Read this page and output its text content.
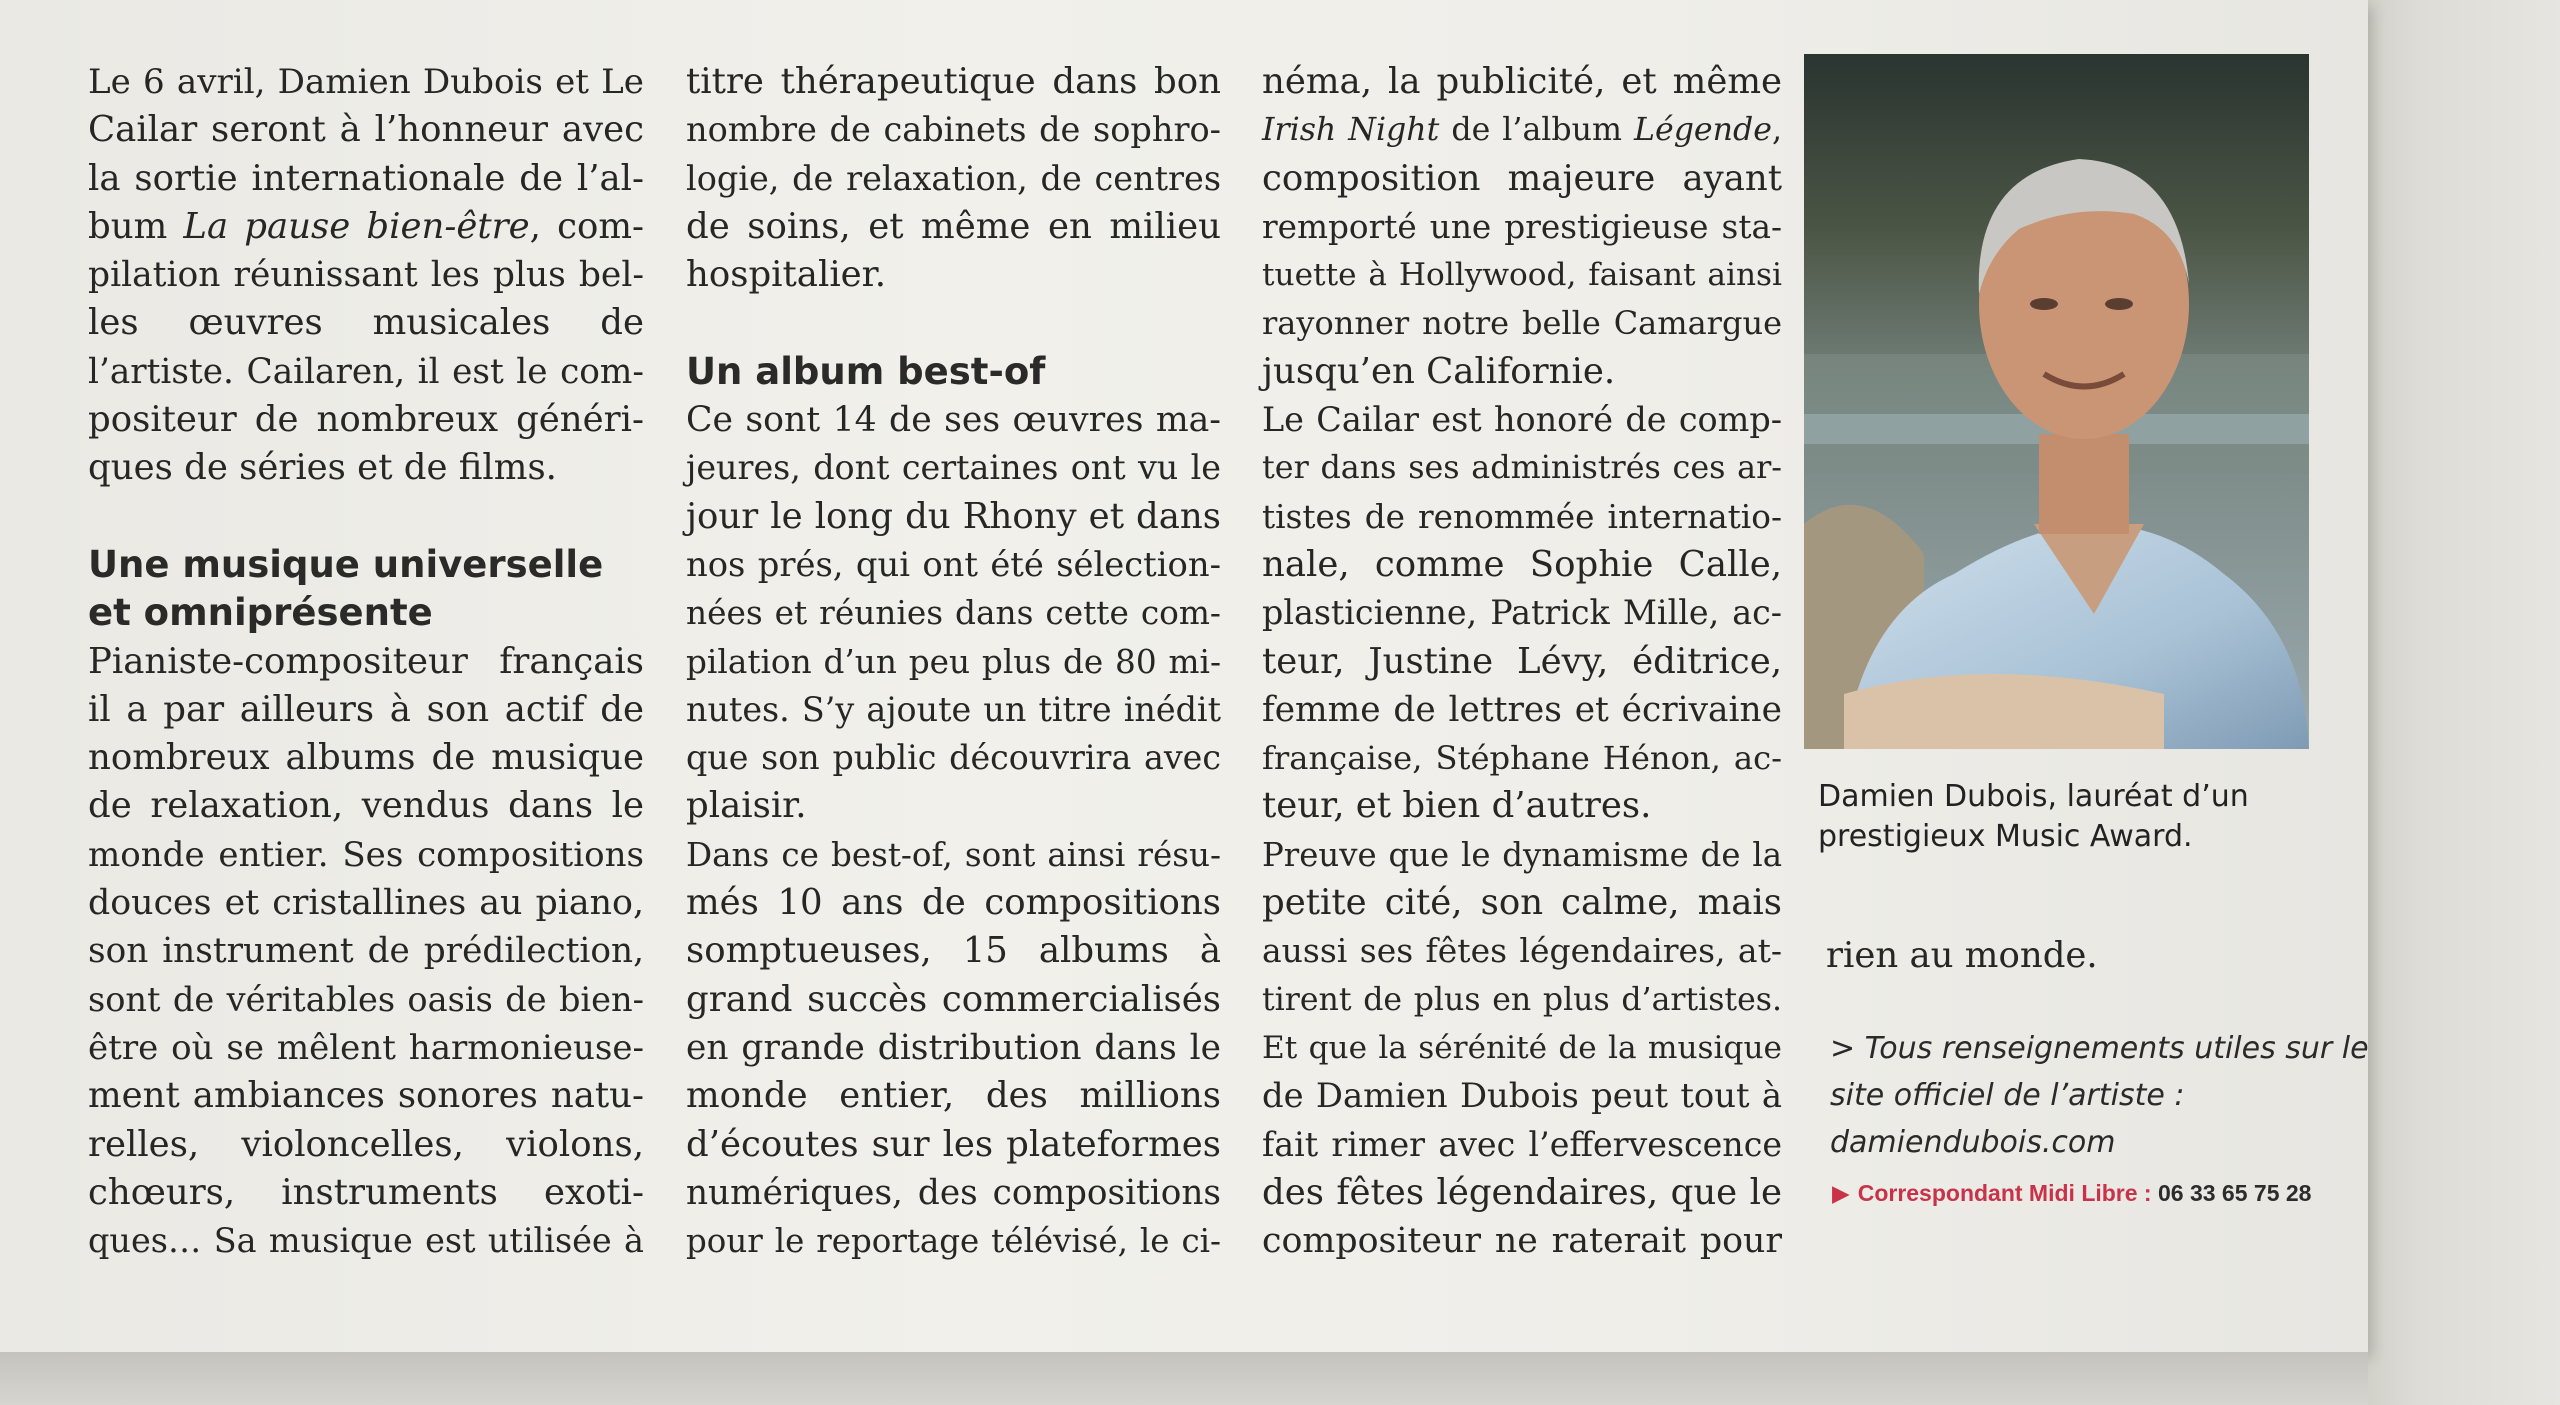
Le 6 avril, Damien Dubois et Le
Cailar seront à l’honneur avec
la sortie internationale de l’al-
bum La pause bien-être, com-
pilation réunissant les plus bel-
les œuvres musicales de
l’artiste. Cailaren, il est le com-
positeur de nombreux généri-
ques de séries et de films.
Une musique universelle
et omniprésente
Pianiste-compositeur français
il a par ailleurs à son actif de
nombreux albums de musique
de relaxation, vendus dans le
monde entier. Ses compositions
douces et cristallines au piano,
son instrument de prédilection,
sont de véritables oasis de bien-
être où se mêlent harmonieuse-
ment ambiances sonores natu-
relles, violoncelles, violons,
chœurs, instruments exoti-
ques… Sa musique est utilisée à
titre thérapeutique dans bon
nombre de cabinets de sophro-
logie, de relaxation, de centres
de soins, et même en milieu
hospitalier.
Un album best-of
Ce sont 14 de ses œuvres ma-
jeures, dont certaines ont vu le
jour le long du Rhony et dans
nos prés, qui ont été sélection-
nées et réunies dans cette com-
pilation d’un peu plus de 80 mi-
nutes. S’y ajoute un titre inédit
que son public découvrira avec
plaisir.
Dans ce best-of, sont ainsi résu-
més 10 ans de compositions
somptueuses, 15 albums à
grand succès commercialisés
en grande distribution dans le
monde entier, des millions
d’écoutes sur les plateformes
numériques, des compositions
pour le reportage télévisé, le ci-
néma, la publicité, et même
Irish Night de l’album Légende,
composition majeure ayant
remporté une prestigieuse sta-
tuette à Hollywood, faisant ainsi
rayonner notre belle Camargue
jusqu’en Californie.
Le Cailar est honoré de comp-
ter dans ses administrés ces ar-
tistes de renommée internatio-
nale, comme Sophie Calle,
plasticienne, Patrick Mille, ac-
teur, Justine Lévy, éditrice,
femme de lettres et écrivaine
française, Stéphane Hénon, ac-
teur, et bien d’autres.
Preuve que le dynamisme de la
petite cité, son calme, mais
aussi ses fêtes légendaires, at-
tirent de plus en plus d’artistes.
Et que la sérénité de la musique
de Damien Dubois peut tout à
fait rimer avec l’effervescence
des fêtes légendaires, que le
compositeur ne raterait pour
Damien Dubois, lauréat d’un
prestigieux Music Award.
rien au monde.
> Tous renseignements utiles sur le
site officiel de l’artiste :
damiendubois.com
▶ Correspondant Midi Libre : 06 33 65 75 28
